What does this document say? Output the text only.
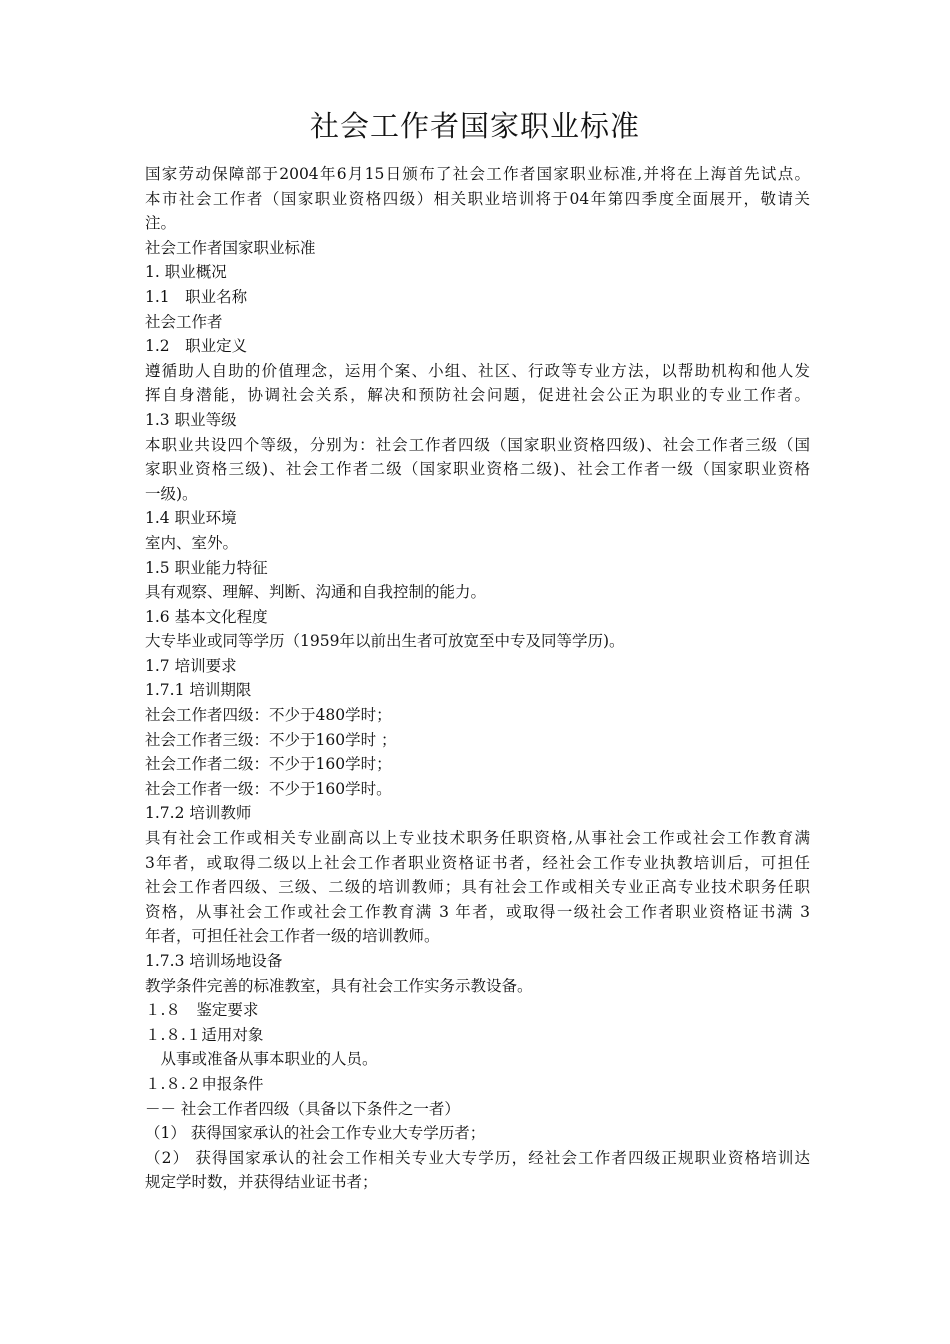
社会工作者国家职业标准
国家劳动保障部于2004年6月15日颁布了社会工作者国家职业标准,并将在上海首先试点。
本市社会工作者（国家职业资格四级）相关职业培训将于04年第四季度全面展开，敬请关
注。
社会工作者国家职业标准
1. 职业概况
1.1　职业名称
社会工作者
1.2　职业定义
遵循助人自助的价值理念，运用个案、小组、社区、行政等专业方法，以帮助机构和他人发
挥自身潜能，协调社会关系，解决和预防社会问题，促进社会公正为职业的专业工作者。
1.3 职业等级
本职业共设四个等级，分别为：社会工作者四级（国家职业资格四级)、社会工作者三级（国
家职业资格三级)、社会工作者二级（国家职业资格二级)、社会工作者一级（国家职业资格
一级)。
1.4 职业环境
室内、室外。
1.5 职业能力特征
具有观察、理解、判断、沟通和自我控制的能力。
1.6 基本文化程度
大专毕业或同等学历（1959年以前出生者可放宽至中专及同等学历)。
1.7 培训要求
1.7.1 培训期限
社会工作者四级：不少于480学时；
社会工作者三级：不少于160学时 ；
社会工作者二级：不少于160学时；
社会工作者一级：不少于160学时。
1.7.2 培训教师
具有社会工作或相关专业副高以上专业技术职务任职资格,从事社会工作或社会工作教育满
3年者，或取得二级以上社会工作者职业资格证书者，经社会工作专业执教培训后，可担任
社会工作者四级、三级、二级的培训教师；具有社会工作或相关专业正高专业技术职务任职
资格，从事社会工作或社会工作教育满 3 年者，或取得一级社会工作者职业资格证书满 3
年者，可担任社会工作者一级的培训教师。
1.7.3 培训场地设备
教学条件完善的标准教室，具有社会工作实务示教设备。
１.８　鉴定要求
１.８.１适用对象
　从事或准备从事本职业的人员。
１.８.２申报条件
－－ 社会工作者四级（具备以下条件之一者）
（1） 获得国家承认的社会工作专业大专学历者；
（2） 获得国家承认的社会工作相关专业大专学历，经社会工作者四级正规职业资格培训达
规定学时数，并获得结业证书者；
